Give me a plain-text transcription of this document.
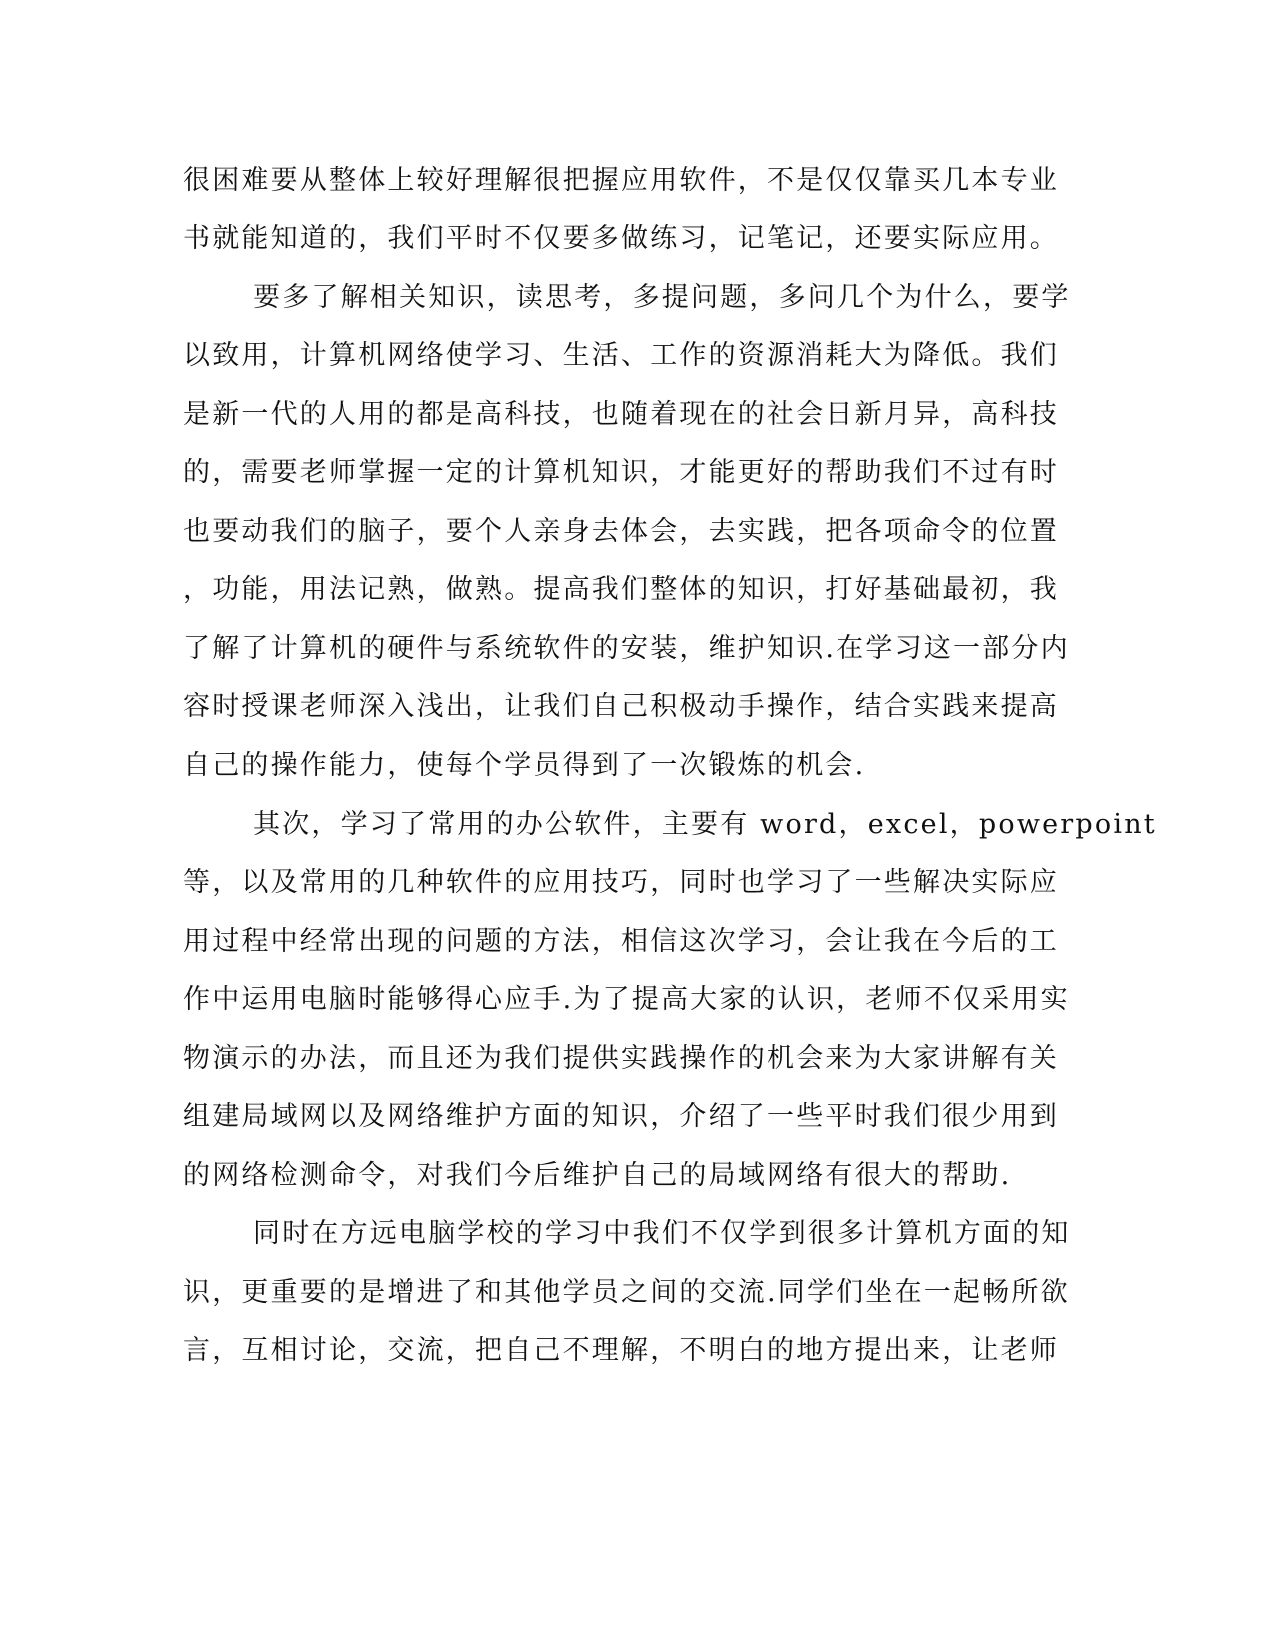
很困难要从整体上较好理解很把握应用软件，不是仅仅靠买几本专业
书就能知道的，我们平时不仅要多做练习，记笔记，还要实际应用。
要多了解相关知识，读思考，多提问题，多问几个为什么，要学
以致用，计算机网络使学习、生活、工作的资源消耗大为降低。我们
是新一代的人用的都是高科技，也随着现在的社会日新月异，高科技
的，需要老师掌握一定的计算机知识，才能更好的帮助我们不过有时
也要动我们的脑子，要个人亲身去体会，去实践，把各项命令的位置
，功能，用法记熟，做熟。提高我们整体的知识，打好基础最初，我
了解了计算机的硬件与系统软件的安装，维护知识.在学习这一部分内
容时授课老师深入浅出，让我们自己积极动手操作，结合实践来提高
自己的操作能力，使每个学员得到了一次锻炼的机会.
其次，学习了常用的办公软件，主要有 word，excel，powerpoint
等，以及常用的几种软件的应用技巧，同时也学习了一些解决实际应
用过程中经常出现的问题的方法，相信这次学习，会让我在今后的工
作中运用电脑时能够得心应手.为了提高大家的认识，老师不仅采用实
物演示的办法，而且还为我们提供实践操作的机会来为大家讲解有关
组建局域网以及网络维护方面的知识，介绍了一些平时我们很少用到
的网络检测命令，对我们今后维护自己的局域网络有很大的帮助.
同时在方远电脑学校的学习中我们不仅学到很多计算机方面的知
识，更重要的是增进了和其他学员之间的交流.同学们坐在一起畅所欲
言，互相讨论，交流，把自己不理解，不明白的地方提出来，让老师
